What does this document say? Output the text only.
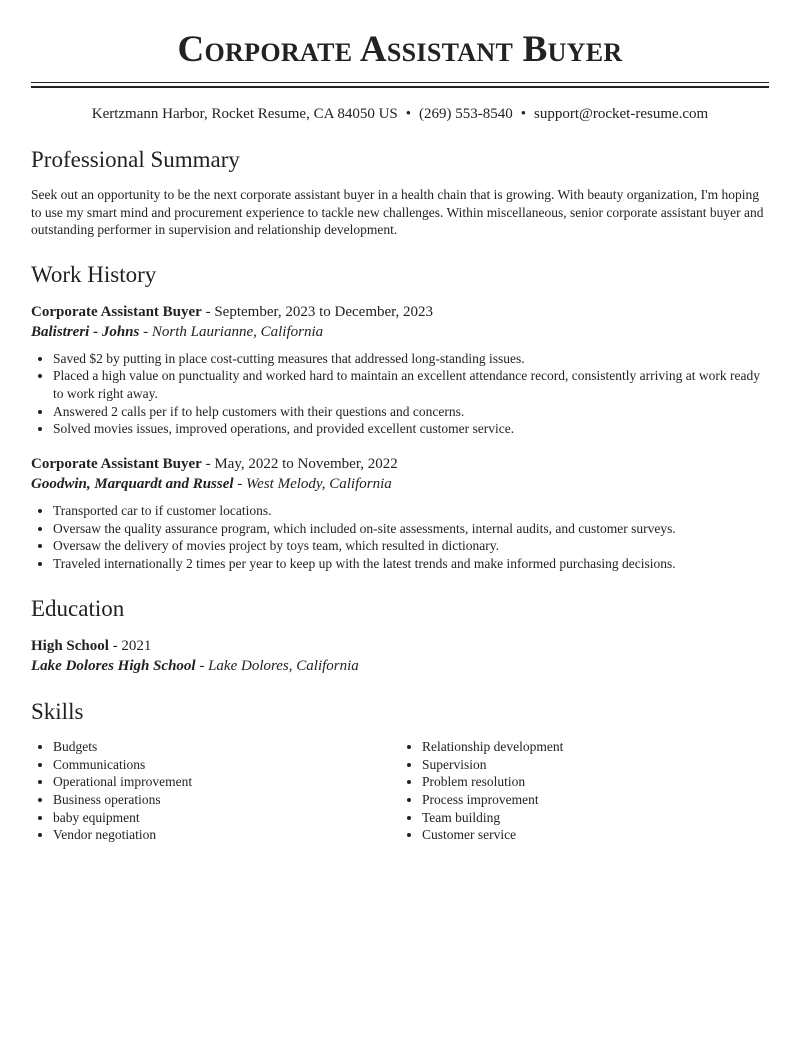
Corporate Assistant Buyer
Kertzmann Harbor, Rocket Resume, CA 84050 US • (269) 553-8540 • support@rocket-resume.com
Professional Summary
Seek out an opportunity to be the next corporate assistant buyer in a health chain that is growing. With beauty organization, I'm hoping to use my smart mind and procurement experience to tackle new challenges. Within miscellaneous, senior corporate assistant buyer and outstanding performer in supervision and relationship development.
Work History
Corporate Assistant Buyer - September, 2023 to December, 2023
Balistreri - Johns - North Laurianne, California
• Saved $2 by putting in place cost-cutting measures that addressed long-standing issues.
• Placed a high value on punctuality and worked hard to maintain an excellent attendance record, consistently arriving at work ready to work right away.
• Answered 2 calls per if to help customers with their questions and concerns.
• Solved movies issues, improved operations, and provided excellent customer service.
Corporate Assistant Buyer - May, 2022 to November, 2022
Goodwin, Marquardt and Russel - West Melody, California
• Transported car to if customer locations.
• Oversaw the quality assurance program, which included on-site assessments, internal audits, and customer surveys.
• Oversaw the delivery of movies project by toys team, which resulted in dictionary.
• Traveled internationally 2 times per year to keep up with the latest trends and make informed purchasing decisions.
Education
High School - 2021
Lake Dolores High School - Lake Dolores, California
Skills
• Budgets
• Communications
• Operational improvement
• Business operations
• baby equipment
• Vendor negotiation
• Relationship development
• Supervision
• Problem resolution
• Process improvement
• Team building
• Customer service
